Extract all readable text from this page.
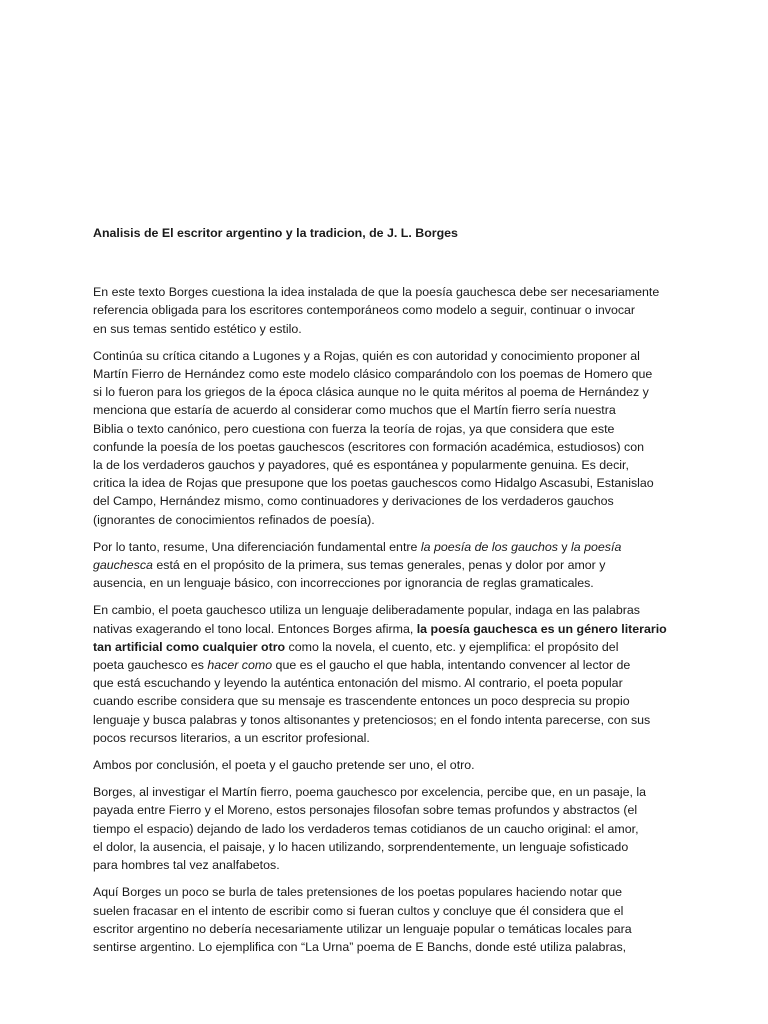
Analisis de El escritor argentino y la tradicion, de J. L. Borges

En este texto Borges cuestiona la idea instalada de que la poesía gauchesca debe ser necesariamente
referencia obligada para los escritores contemporáneos como modelo a seguir, continuar o invocar
en sus temas sentido estético y estilo.

Continúa su crítica citando a Lugones y a Rojas, quién es con autoridad y conocimiento proponer al
Martín Fierro de Hernández como este modelo clásico comparándolo con los poemas de Homero que
si lo fueron para los griegos de la época clásica aunque no le quita méritos al poema de Hernández y
menciona que estaría de acuerdo al considerar como muchos que el Martín fierro sería nuestra
Biblia o texto canónico, pero cuestiona con fuerza la teoría de rojas, ya que considera que este
confunde la poesía de los poetas gauchescos (escritores con formación académica, estudiosos) con
la de los verdaderos gauchos y payadores, qué es espontánea y popularmente genuina. Es decir,
critica la idea de Rojas que presupone que los poetas gauchescos como Hidalgo Ascasubi, Estanislao
del Campo, Hernández mismo, como continuadores y derivaciones de los verdaderos gauchos
(ignorantes de conocimientos refinados de poesía).

Por lo tanto, resume, Una diferenciación fundamental entre la poesía de los gauchos y la poesía
gauchesca está en el propósito de la primera, sus temas generales, penas y dolor por amor y
ausencia, en un lenguaje básico, con incorrecciones por ignorancia de reglas gramaticales.

En cambio, el poeta gauchesco utiliza un lenguaje deliberadamente popular, indaga en las palabras
nativas exagerando el tono local. Entonces Borges afirma, la poesía gauchesca es un género literario
tan artificial como cualquier otro como la novela, el cuento, etc. y ejemplifica: el propósito del
poeta gauchesco es hacer como que es el gaucho el que habla, intentando convencer al lector de
que está escuchando y leyendo la auténtica entonación del mismo. Al contrario, el poeta popular
cuando escribe considera que su mensaje es trascendente entonces un poco desprecia su propio
lenguaje y busca palabras y tonos altisonantes y pretenciosos; en el fondo intenta parecerse, con sus
pocos recursos literarios, a un escritor profesional.

Ambos por conclusión, el poeta y el gaucho pretende ser uno, el otro.

Borges, al investigar el Martín fierro, poema gauchesco por excelencia, percibe que, en un pasaje, la
payada entre Fierro y el Moreno, estos personajes filosofan sobre temas profundos y abstractos (el
tiempo el espacio) dejando de lado los verdaderos temas cotidianos de un caucho original: el amor,
el dolor, la ausencia, el paisaje, y lo hacen utilizando, sorprendentemente, un lenguaje sofisticado
para hombres tal vez analfabetos.

Aquí Borges un poco se burla de tales pretensiones de los poetas populares haciendo notar que
suelen fracasar en el intento de escribir como si fueran cultos y concluye que él considera que el
escritor argentino no debería necesariamente utilizar un lenguaje popular o temáticas locales para
sentirse argentino. Lo ejemplifica con “La Urna” poema de E Banchs, donde esté utiliza palabras,
